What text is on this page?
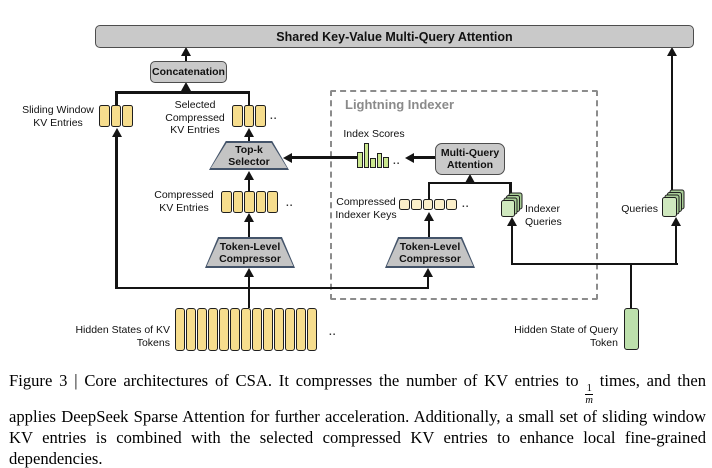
Lightning Indexer
Shared Key-Value Multi-Query Attention
Concatenation
Top-k
Selector
Multi-Query
Attention
Token-Level
Compressor
Token-Level
Compressor
Sliding Window
KV Entries	..
Selected
Compressed
KV Entries
..
Compressed
KV Entries	..
Compressed
Indexer Keys
..
Hidden States of KV Tokens
..
Index Scores
Indexer Queries
Queries
Hidden State of Query Token
Figure 3 | Core architectures of CSA. It compresses the number of KV entries to
$\frac{1}{m}$
times, and then applies DeepSeek Sparse Attention for further acceleration. Additionally, a small set of sliding window KV entries is combined with the selected compressed KV entries to enhance local fine-grained dependencies.
